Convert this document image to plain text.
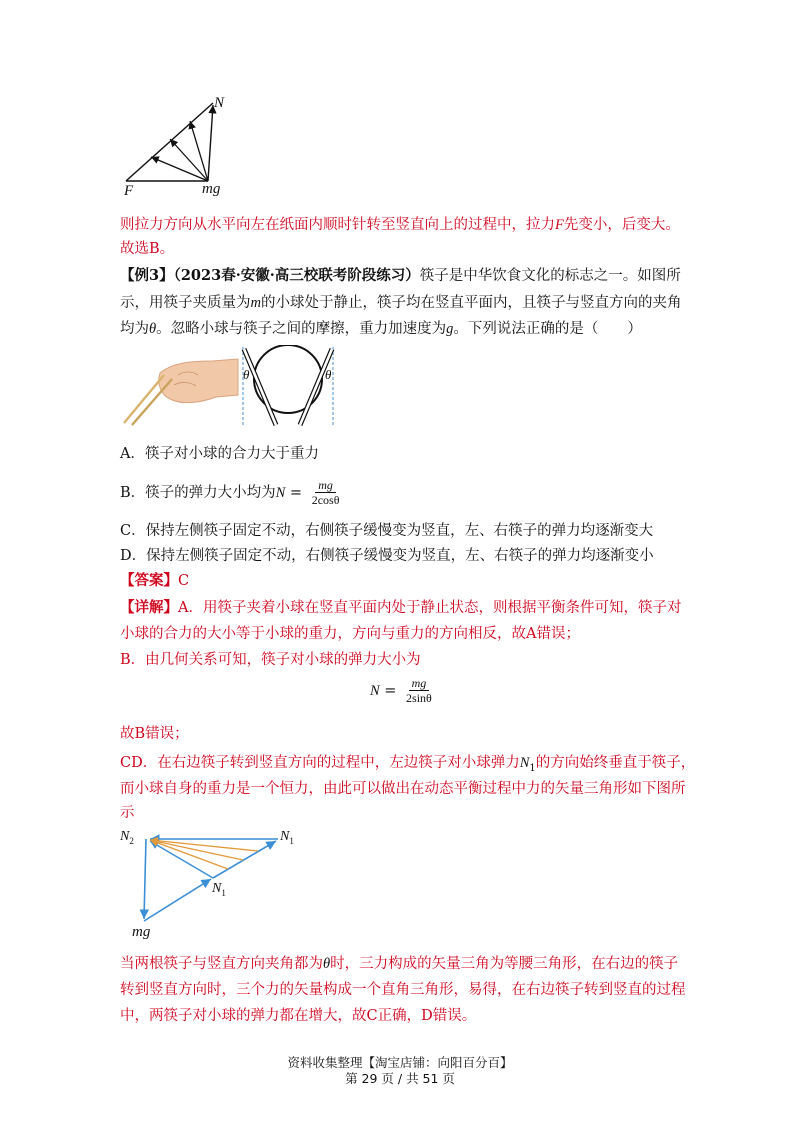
N
F	mg
则拉力方向从水平向左在纸面内顺时针转至竖直向上的过程中，拉力F先变小，后变大。
故选B。
【例3】（2023春·安徽·高三校联考阶段练习）筷子是中华饮食文化的标志之一。如图所
示，用筷子夹质量为m的小球处于静止，筷子均在竖直平面内，且筷子与竖直方向的夹角
均为θ。忽略小球与筷子之间的摩擦，重力加速度为g。下列说法正确的是（　　）
θ	θ
A．筷子对小球的合力大于重力
B．筷子的弹力大小均为$N = \frac{mg}{2\cos\theta}$
C．保持左侧筷子固定不动，右侧筷子缓慢变为竖直，左、右筷子的弹力均逐渐变大
D．保持左侧筷子固定不动，右侧筷子缓慢变为竖直，左、右筷子的弹力均逐渐变小
【答案】C
【详解】A．用筷子夹着小球在竖直平面内处于静止状态，则根据平衡条件可知，筷子对
小球的合力的大小等于小球的重力，方向与重力的方向相反，故A错误；
B．由几何关系可知，筷子对小球的弹力大小为
$N = \frac{mg}{2\sin\theta}$
故B错误；
CD．在右边筷子转到竖直方向的过程中，左边筷子对小球弹力$N_1$的方向始终垂直于筷子，
而小球自身的重力是一个恒力，由此可以做出在动态平衡过程中力的矢量三角形如下图所
示
$N_2$	$N_1$
$N_1$
mg
当两根筷子与竖直方向夹角都为θ时，三力构成的矢量三角为等腰三角形，在右边的筷子
转到竖直方向时，三个力的矢量构成一个直角三角形，易得，在右边筷子转到竖直的过程
中，两筷子对小球的弹力都在增大，故C正确，D错误。
资料收集整理【淘宝店铺：向阳百分百】
第 29 页 / 共 51 页
